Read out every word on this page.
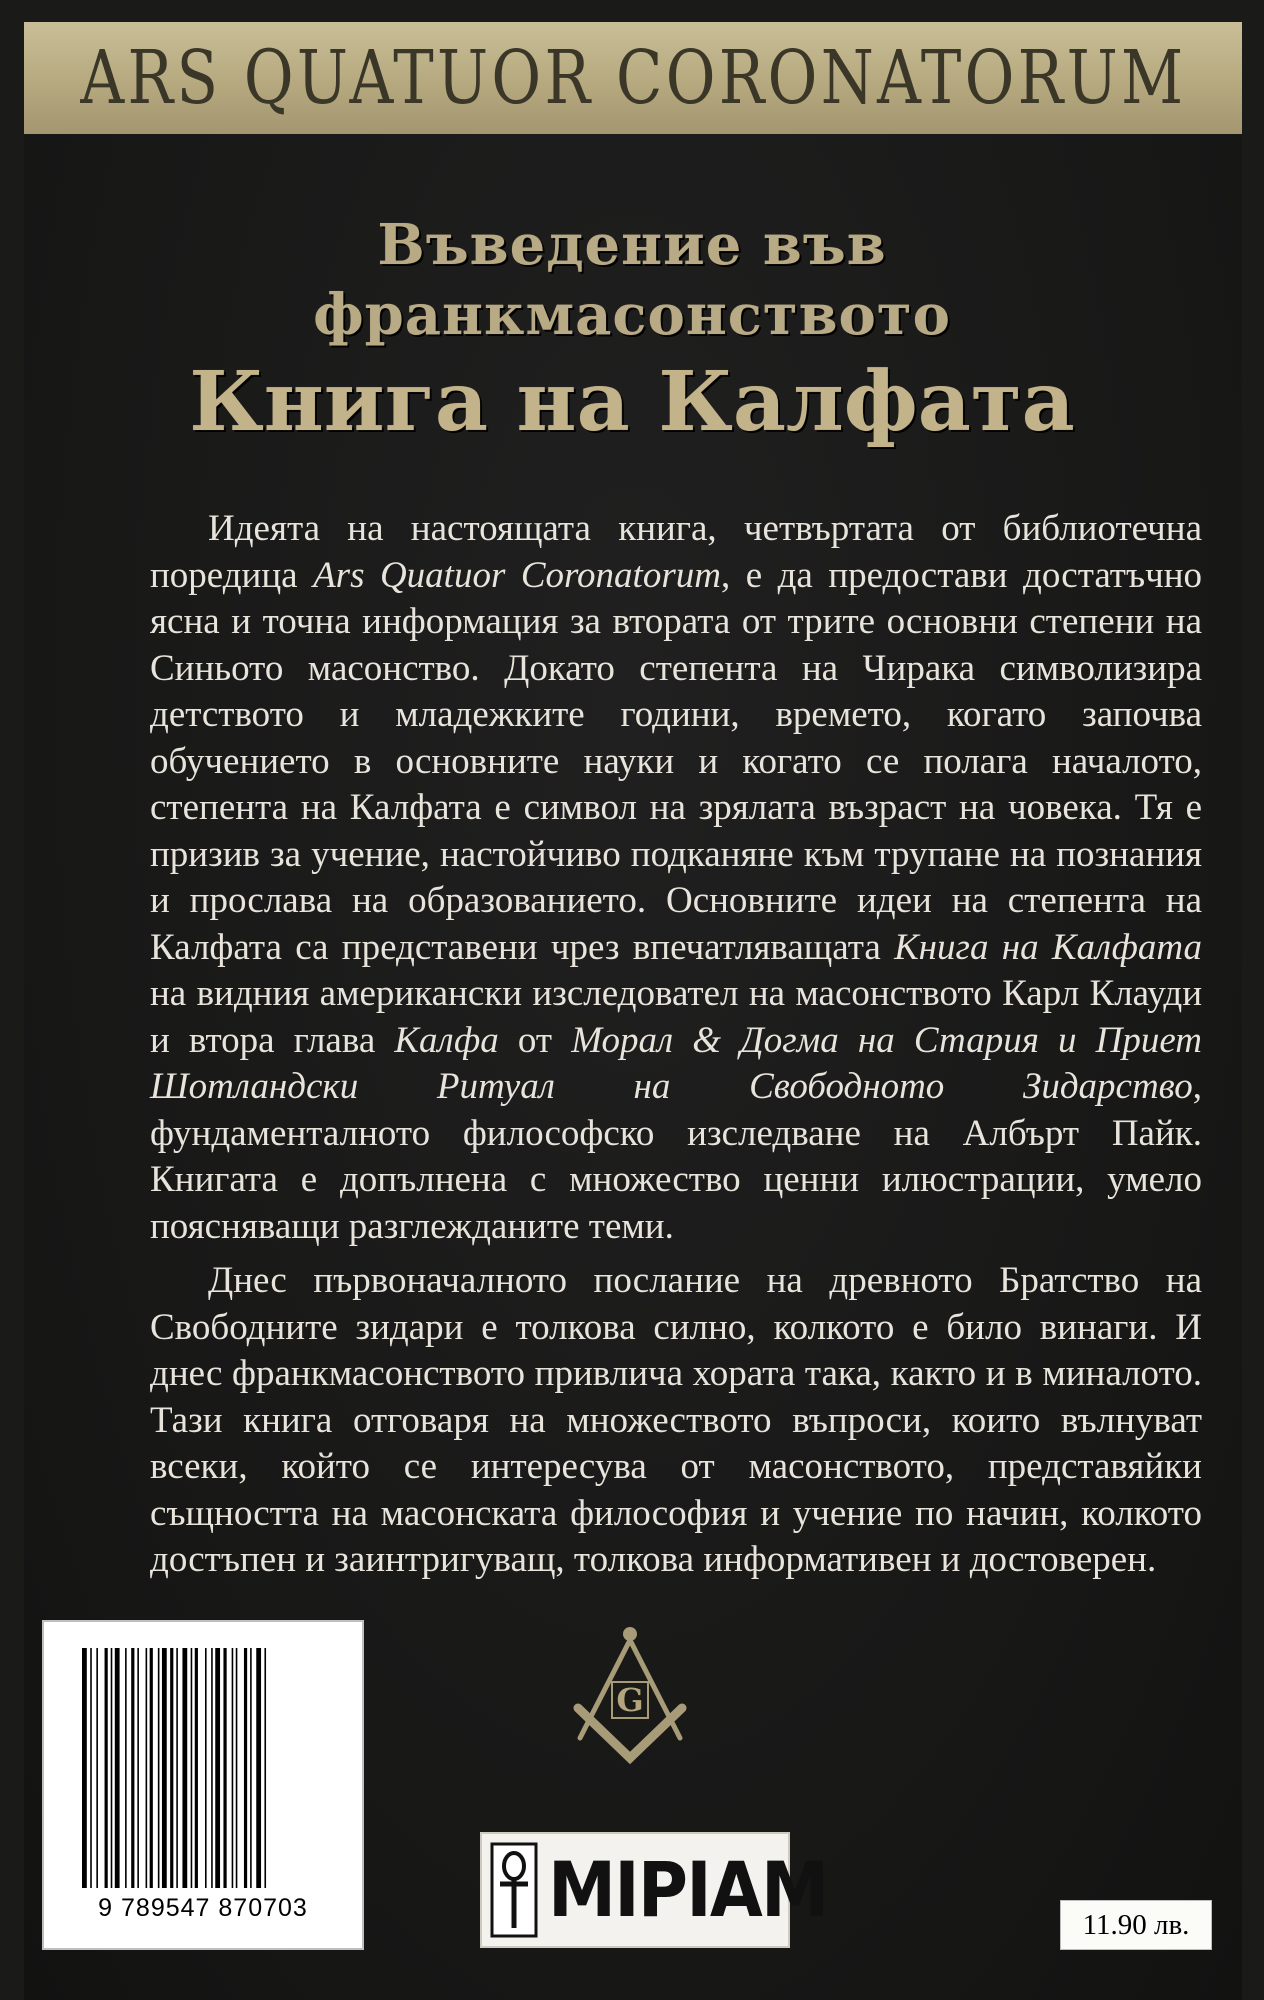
ARS QUATUOR CORONATORUM
Въведение във
франкмасонството
Книга на Калфата

Идеята на настоящата книга, четвъртата от библиотечна поредица Ars Quatuor Coronatorum, е да предостави достатъчно ясна и точна информация за втората от трите основни степени на Синьото масонство. Докато степента на Чирака символизира детството и младежките години, времето, когато започва обучението в основните науки и когато се полага началото, степента на Калфата е символ на зрялата възраст на човека. Тя е призив за учение, настойчиво подканяне към трупане на познания и прослава на образованието. Основните идеи на степента на Калфата са представени чрез впечатляващата Книга на Калфата на видния американски изследовател на масонството Карл Клауди и втора глава Калфа от Морал & Догма на Стария и Приет Шотландски Ритуал на Свободното Зидарство, фундаменталното философско изследване на Албърт Пайк. Книгата е допълнена с множество ценни илюстрации, умело поясняващи разглежданите теми.

Днес първоначалното послание на древното Братство на Свободните зидари е толкова силно, колкото е било винаги. И днес франкмасонството привлича хората така, както и в миналото. Тази книга отговаря на множеството въпроси, които вълнуват всеки, който се интересува от масонството, представяйки същността на масонската философия и учение по начин, колкото достъпен и заинтригуващ, толкова информативен и достоверен.

9 789547 870703
G
МІРІАМ	11.90 лв.
